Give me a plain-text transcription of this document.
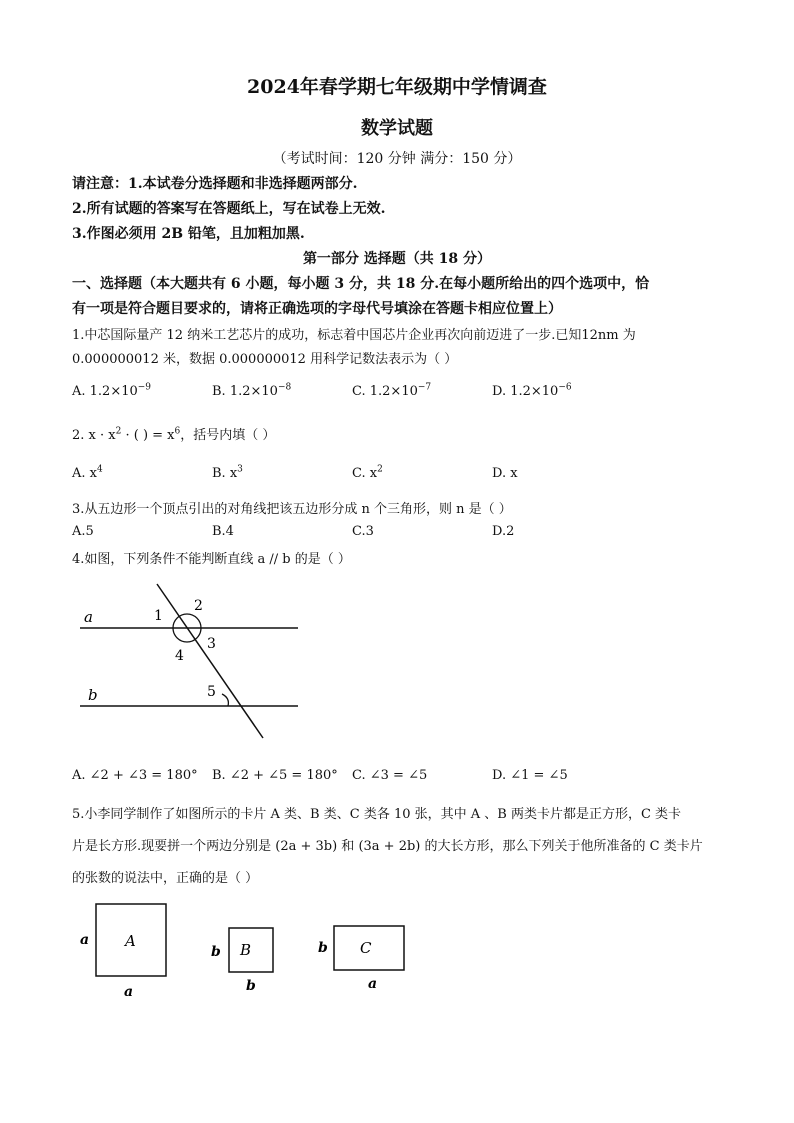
2024年春学期七年级期中学情调查
数学试题
（考试时间：120 分钟 满分：150 分）
请注意：1.本试卷分选择题和非选择题两部分.
2.所有试题的答案写在答题纸上，写在试卷上无效.
3.作图必须用 2B 铅笔，且加粗加黑.
第一部分 选择题（共 18 分）
一、选择题（本大题共有 6 小题，每小题 3 分，共 18 分.在每小题所给出的四个选项中，恰
有一项是符合题目要求的，请将正确选项的字母代号填涂在答题卡相应位置上）
1.中芯国际量产 12 纳米工艺芯片的成功，标志着中国芯片企业再次向前迈进了一步.已知12nm 为
0.000000012 米，数据 0.000000012 用科学记数法表示为（ ）
A. $1.2\times 10^{-9}$	B. $1.2\times 10^{-8}$	C. $1.2\times 10^{-7}$	D. $1.2\times 10^{-6}$
2. $x \cdot x^2$ · ( ) = $x^6$，括号内填（ ）
A. $x^4$	B. $x^3$	C. $x^2$	D. x
3.从五边形一个顶点引出的对角线把该五边形分成 n 个三角形，则 n 是（ ）
A.5	B.4	C.3	D.2
4.如图，下列条件不能判断直线 a // b 的是（ ）
a
b
1
2
3
4
5
A. ∠2 + ∠3 = 180° B. ∠2 + ∠5 = 180° C. ∠3 = ∠5	D. ∠1 = ∠5
5.小李同学制作了如图所示的卡片 A 类、B 类、C 类各 10 张，其中 A 、B 两类卡片都是正方形，C 类卡
片是长方形.现要拼一个两边分别是 (2a + 3b) 和 (3a + 2b) 的大长方形，那么下列关于他所准备的 C 类卡片
的张数的说法中，正确的是（ ）
A
a
a
B
b
b
C
b
a
